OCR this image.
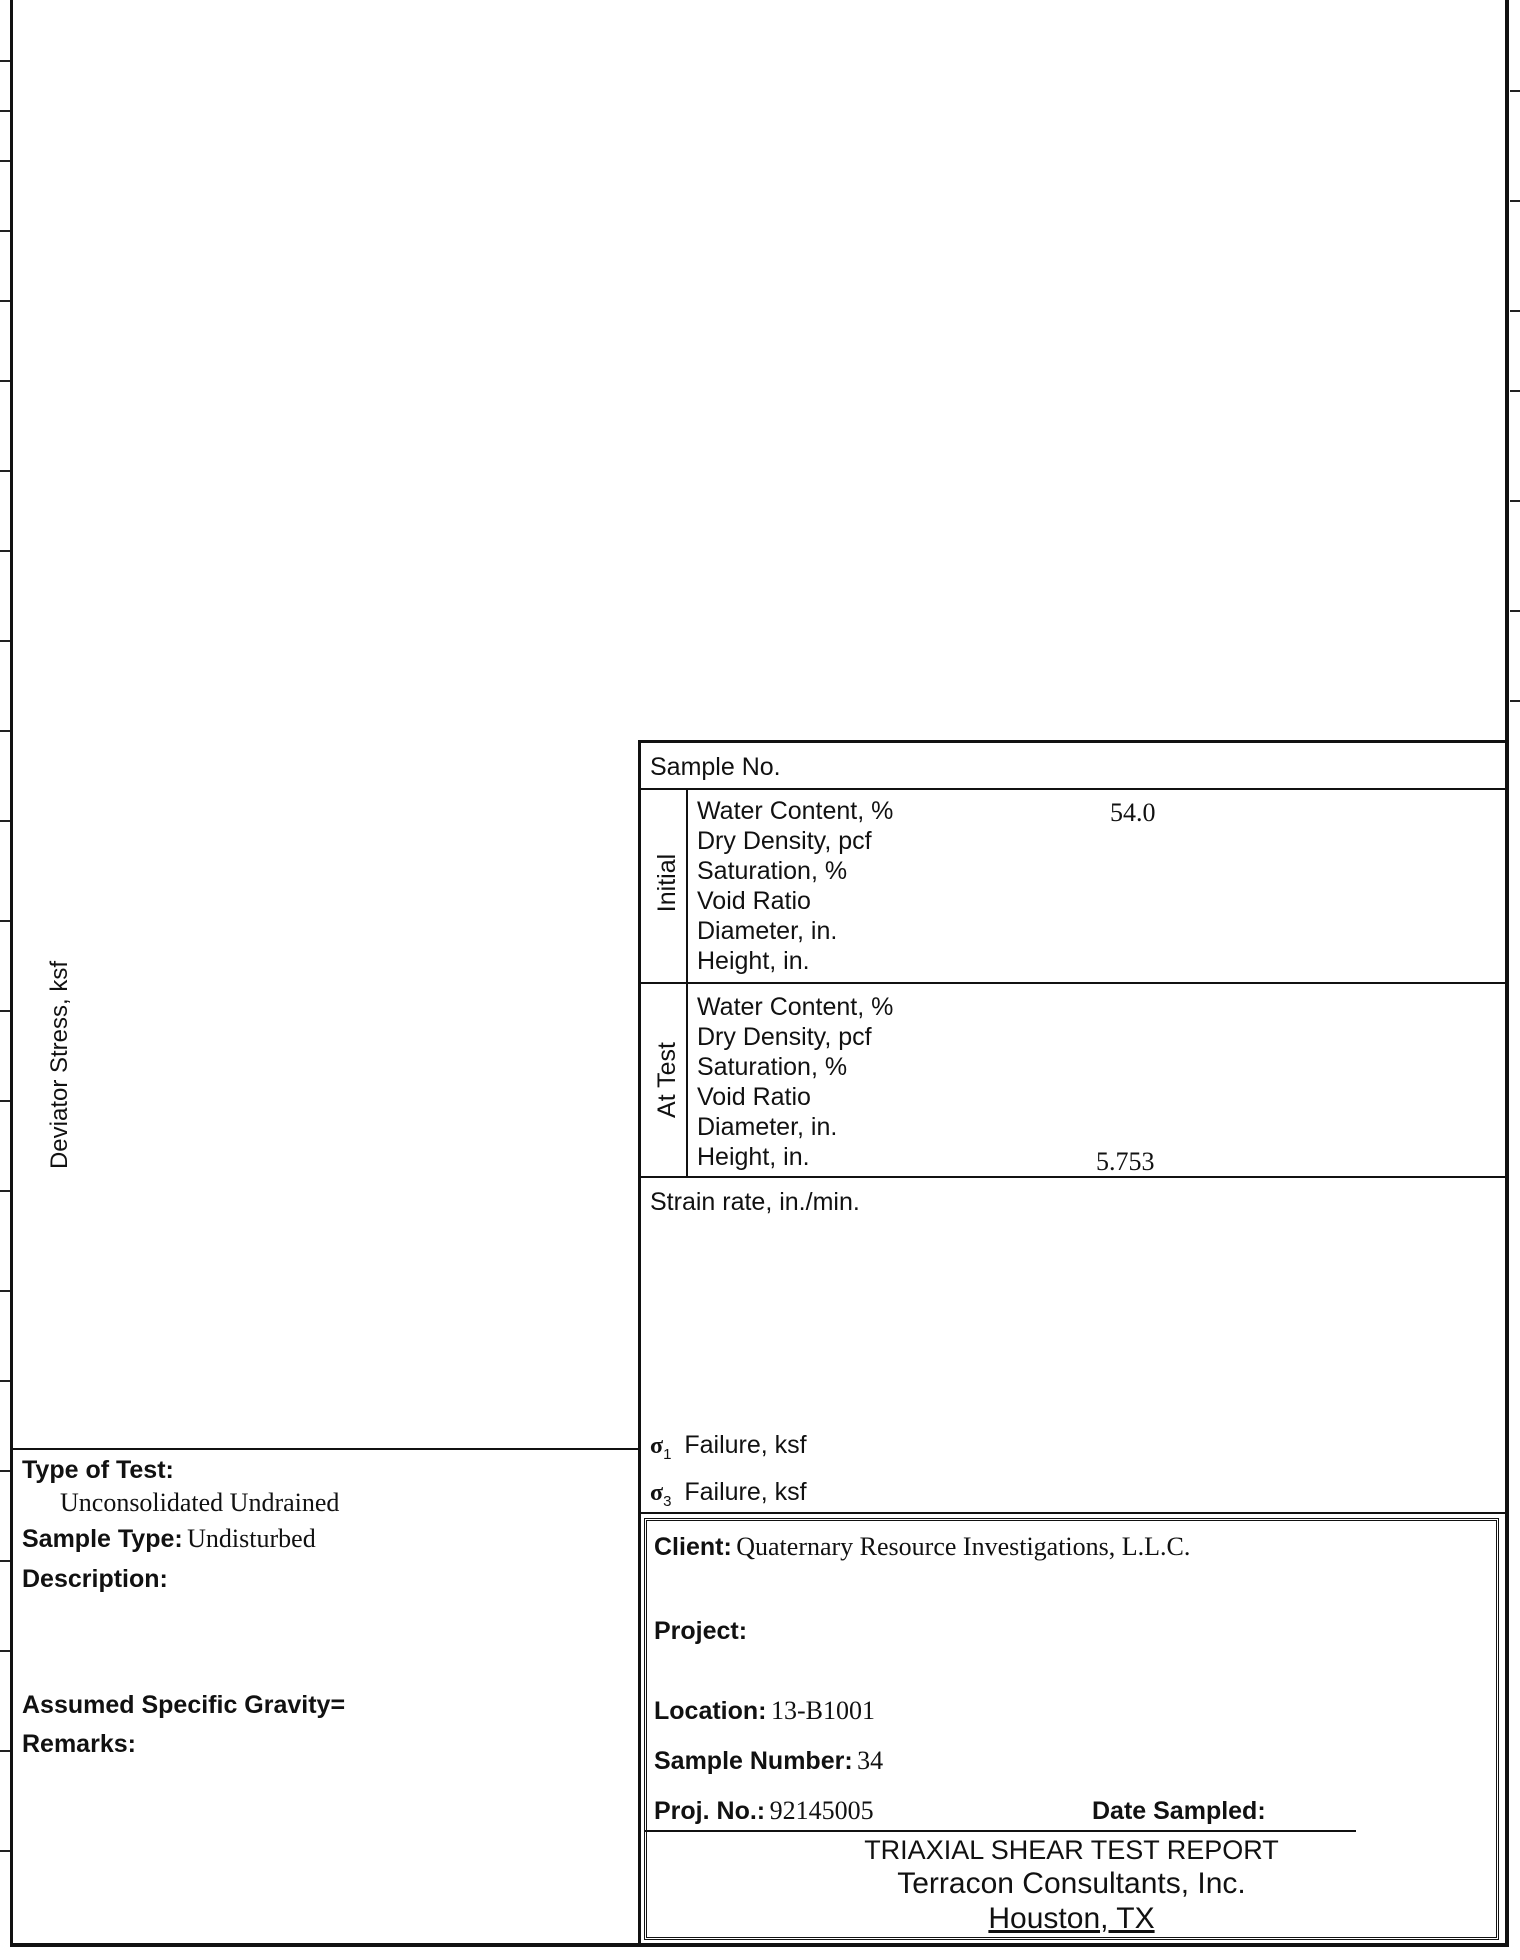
Deviator Stress, ksf
Sample No.
Initial
Water Content, %
Dry Density, pcf
Saturation, %
Void Ratio
Diameter, in.
Height, in.
54.0
At Test
Water Content, %
Dry Density, pcf
Saturation, %
Void Ratio
Diameter, in.
Height, in.	5.753
Strain rate, in./min.
$\sigma_1$ Failure, ksf
$\sigma_3$ Failure, ksf
Type of Test:
Unconsolidated Undrained
Sample Type: Undisturbed
Description:
Assumed Specific Gravity=
Remarks:
Client: Quaternary Resource Investigations, L.L.C.
Project:
Location: 13-B1001
Sample Number: 34
Proj. No.: 92145005	Date Sampled:
TRIAXIAL SHEAR TEST REPORT
Terracon Consultants, Inc.
Houston, TX
